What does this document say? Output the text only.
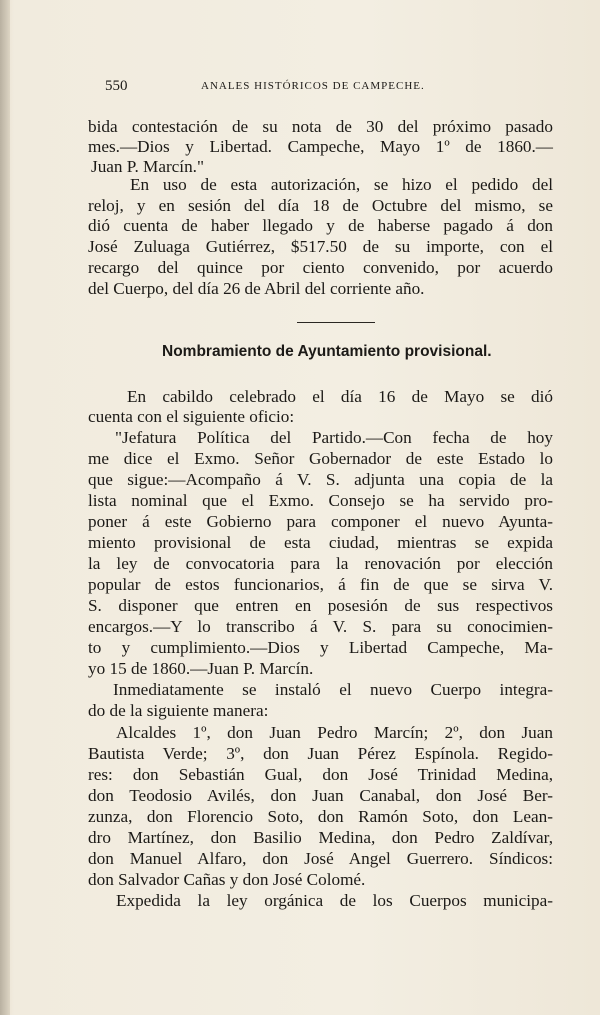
550	ANALES HISTÓRICOS DE CAMPECHE.
bida contestación de su nota de 30 del próximo pasado
mes.—Dios y Libertad. Campeche, Mayo 1º de 1860.—
Juan P. Marcín."
En uso de esta autorización, se hizo el pedido del
reloj, y en sesión del día 18 de Octubre del mismo, se
dió cuenta de haber llegado y de haberse pagado á don
José Zuluaga Gutiérrez, $517.50 de su importe, con el
recargo del quince por ciento convenido, por acuerdo
del Cuerpo, del día 26 de Abril del corriente año.
Nombramiento de Ayuntamiento provisional.
En cabildo celebrado el día 16 de Mayo se dió
cuenta con el siguiente oficio:
"Jefatura Política del Partido.—Con fecha de hoy
me dice el Exmo. Señor Gobernador de este Estado lo
que sigue:—Acompaño á V. S. adjunta una copia de la
lista nominal que el Exmo. Consejo se ha servido pro-
poner á este Gobierno para componer el nuevo Ayunta-
miento provisional de esta ciudad, mientras se expida
la ley de convocatoria para la renovación por elección
popular de estos funcionarios, á fin de que se sirva V.
S. disponer que entren en posesión de sus respectivos
encargos.—Y lo transcribo á V. S. para su conocimien-
to y cumplimiento.—Dios y Libertad Campeche, Ma-
yo 15 de 1860.—Juan P. Marcín.
Inmediatamente se instaló el nuevo Cuerpo integra-
do de la siguiente manera:
Alcaldes 1º, don Juan Pedro Marcín; 2º, don Juan
Bautista Verde; 3º, don Juan Pérez Espínola. Regido-
res: don Sebastián Gual, don José Trinidad Medina,
don Teodosio Avilés, don Juan Canabal, don José Ber-
zunza, don Florencio Soto, don Ramón Soto, don Lean-
dro Martínez, don Basilio Medina, don Pedro Zaldívar,
don Manuel Alfaro, don José Angel Guerrero. Síndicos:
don Salvador Cañas y don José Colomé.
Expedida la ley orgánica de los Cuerpos municipa-
